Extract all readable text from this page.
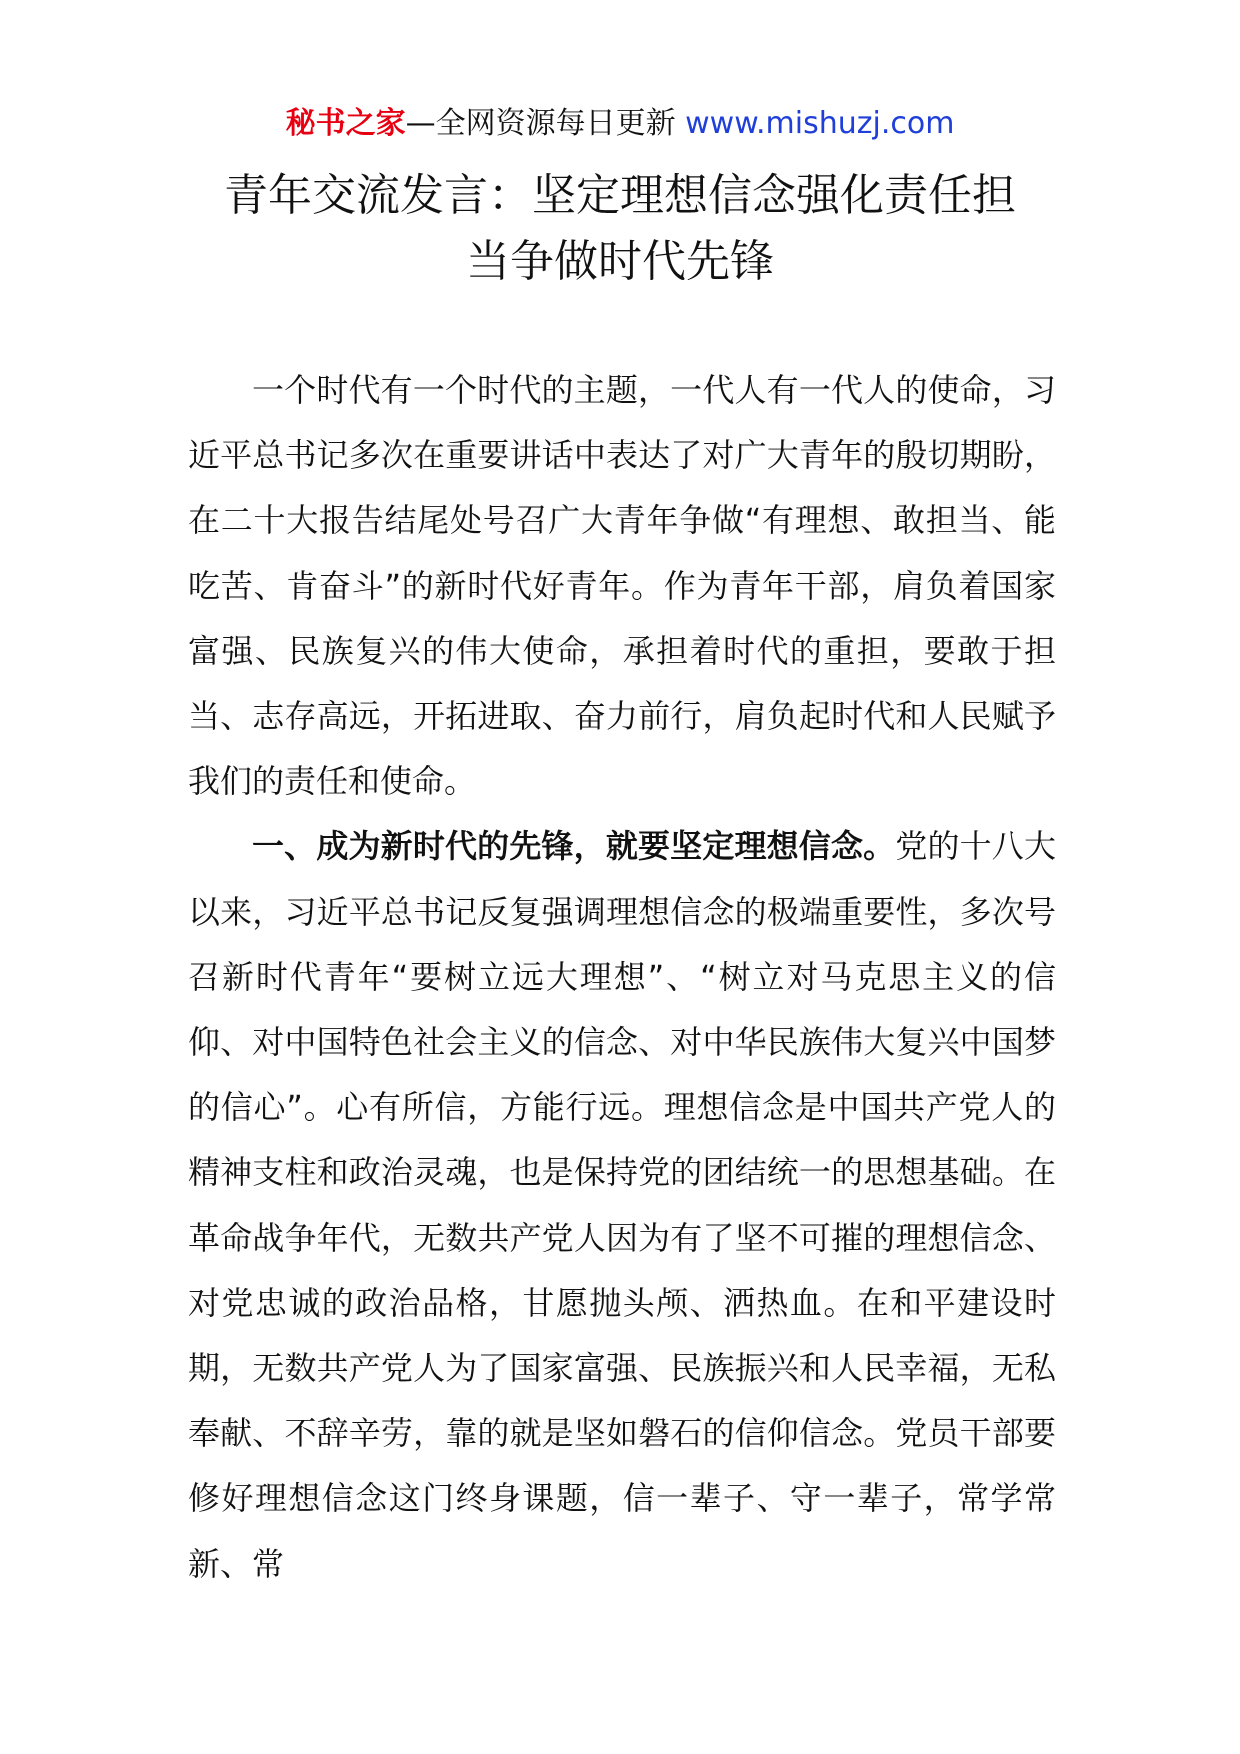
秘书之家—全网资源每日更新 www.mishuzj.com
青年交流发言：坚定理想信念强化责任担
当争做时代先锋

一个时代有一个时代的主题，一代人有一代人的使命，习近平总书记多次在重要讲话中表达了对广大青年的殷切期盼，在二十大报告结尾处号召广大青年争做“有理想、敢担当、能吃苦、肯奋斗”的新时代好青年。作为青年干部，肩负着国家富强、民族复兴的伟大使命，承担着时代的重担，要敢于担当、志存高远，开拓进取、奋力前行，肩负起时代和人民赋予我们的责任和使命。

一、成为新时代的先锋，就要坚定理想信念。党的十八大以来，习近平总书记反复强调理想信念的极端重要性，多次号召新时代青年“要树立远大理想”、“树立对马克思主义的信仰、对中国特色社会主义的信念、对中华民族伟大复兴中国梦的信心”。心有所信，方能行远。理想信念是中国共产党人的精神支柱和政治灵魂，也是保持党的团结统一的思想基础。在革命战争年代，无数共产党人因为有了坚不可摧的理想信念、对党忠诚的政治品格，甘愿抛头颅、洒热血。在和平建设时期，无数共产党人为了国家富强、民族振兴和人民幸福，无私奉献、不辞辛劳，靠的就是坚如磐石的信仰信念。党员干部要修好理想信念这门终身课题，信一辈子、守一辈子，常学常新、常
